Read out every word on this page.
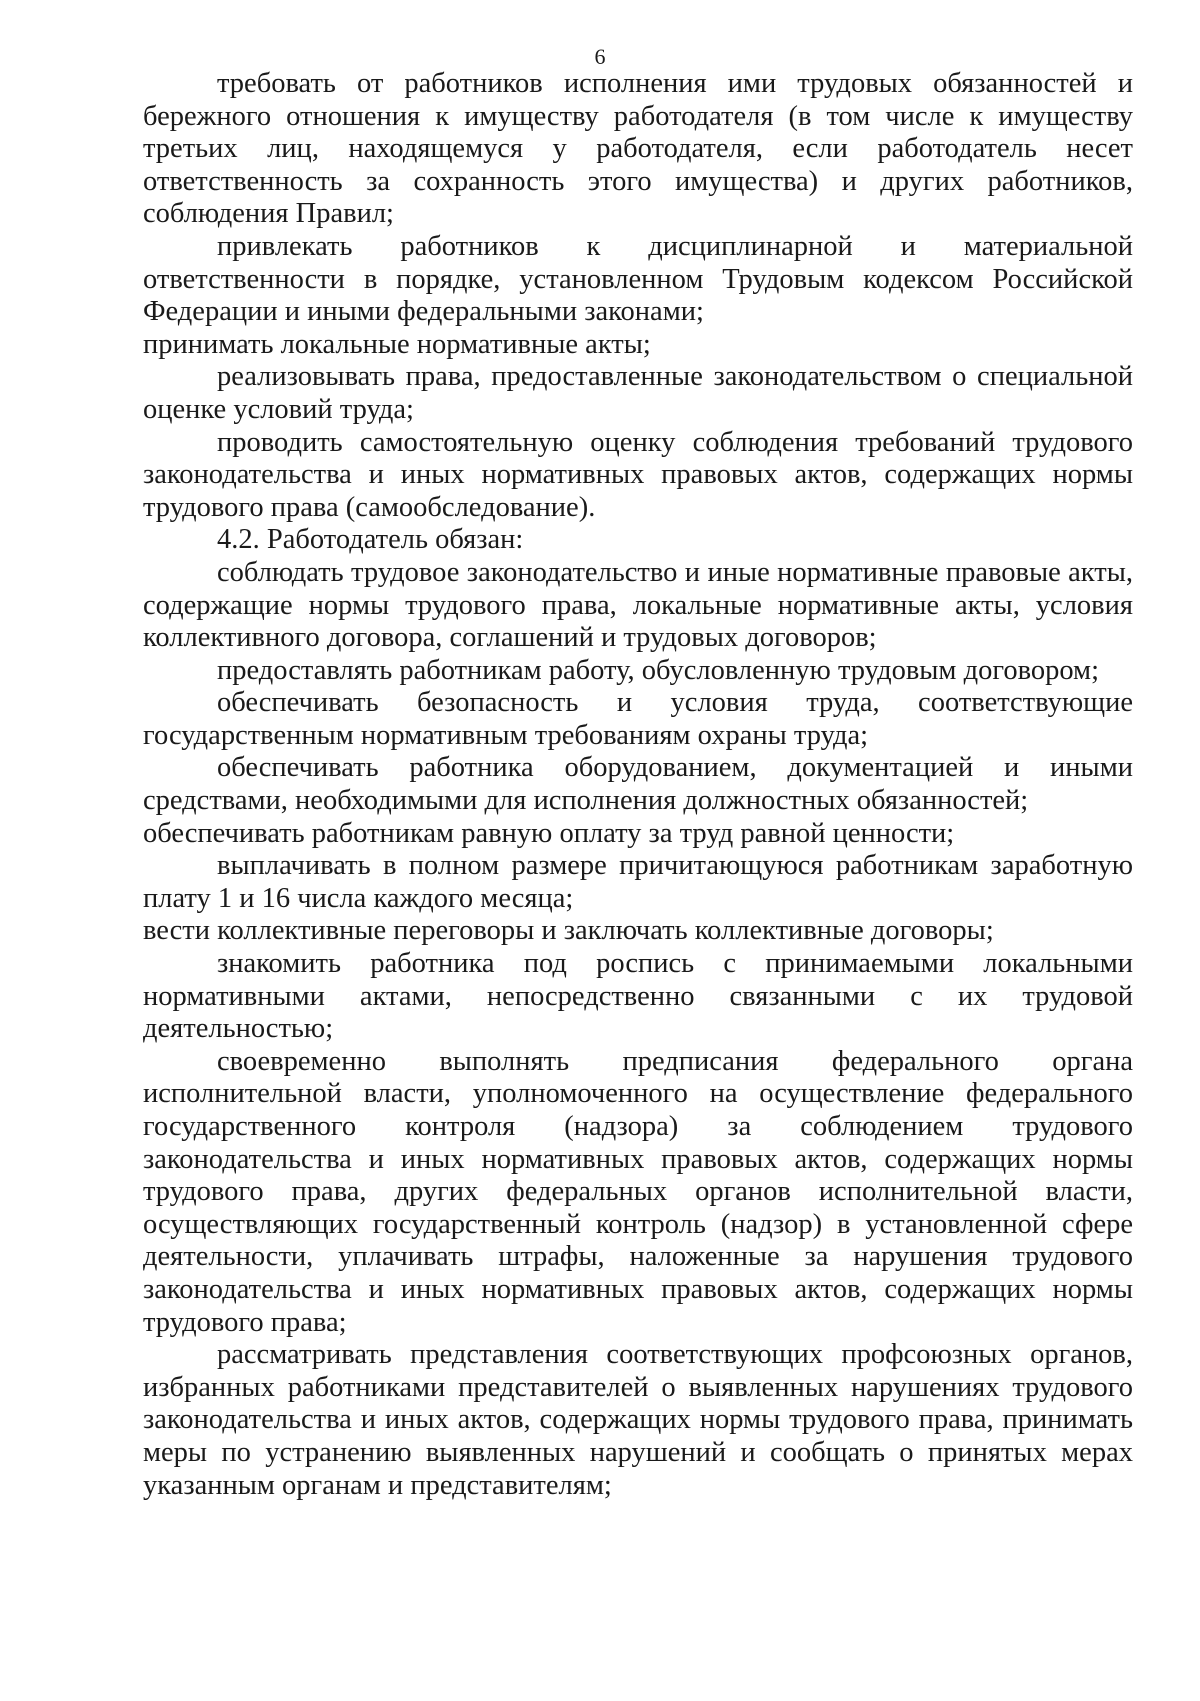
6

требовать от работников исполнения ими трудовых обязанностей и бережного отношения к имуществу работодателя (в том числе к имуществу третьих лиц, находящемуся у работодателя, если работодатель несет ответственность за сохранность этого имущества) и других работников, соблюдения Правил;

привлекать работников к дисциплинарной и материальной ответственности в порядке, установленном Трудовым кодексом Российской Федерации и иными федеральными законами;

принимать локальные нормативные акты;

реализовывать права, предоставленные законодательством о специальной оценке условий труда;

проводить самостоятельную оценку соблюдения требований трудового законодательства и иных нормативных правовых актов, содержащих нормы трудового права (самообследование).

4.2. Работодатель обязан:

соблюдать трудовое законодательство и иные нормативные правовые акты, содержащие нормы трудового права, локальные нормативные акты, условия коллективного договора, соглашений и трудовых договоров;

предоставлять работникам работу, обусловленную трудовым договором;

обеспечивать безопасность и условия труда, соответствующие государственным нормативным требованиям охраны труда;

обеспечивать работника оборудованием, документацией и иными средствами, необходимыми для исполнения должностных обязанностей;

обеспечивать работникам равную оплату за труд равной ценности;

выплачивать в полном размере причитающуюся работникам заработную плату 1 и 16 числа каждого месяца;

вести коллективные переговоры и заключать коллективные договоры;

знакомить работника под роспись с принимаемыми локальными нормативными актами, непосредственно связанными с их трудовой деятельностью;

своевременно выполнять предписания федерального органа исполнительной власти, уполномоченного на осуществление федерального государственного контроля (надзора) за соблюдением трудового законодательства и иных нормативных правовых актов, содержащих нормы трудового права, других федеральных органов исполнительной власти, осуществляющих государственный контроль (надзор) в установленной сфере деятельности, уплачивать штрафы, наложенные за нарушения трудового законодательства и иных нормативных правовых актов, содержащих нормы трудового права;

рассматривать представления соответствующих профсоюзных органов, избранных работниками представителей о выявленных нарушениях трудового законодательства и иных актов, содержащих нормы трудового права, принимать меры по устранению выявленных нарушений и сообщать о принятых мерах указанным органам и представителям;
